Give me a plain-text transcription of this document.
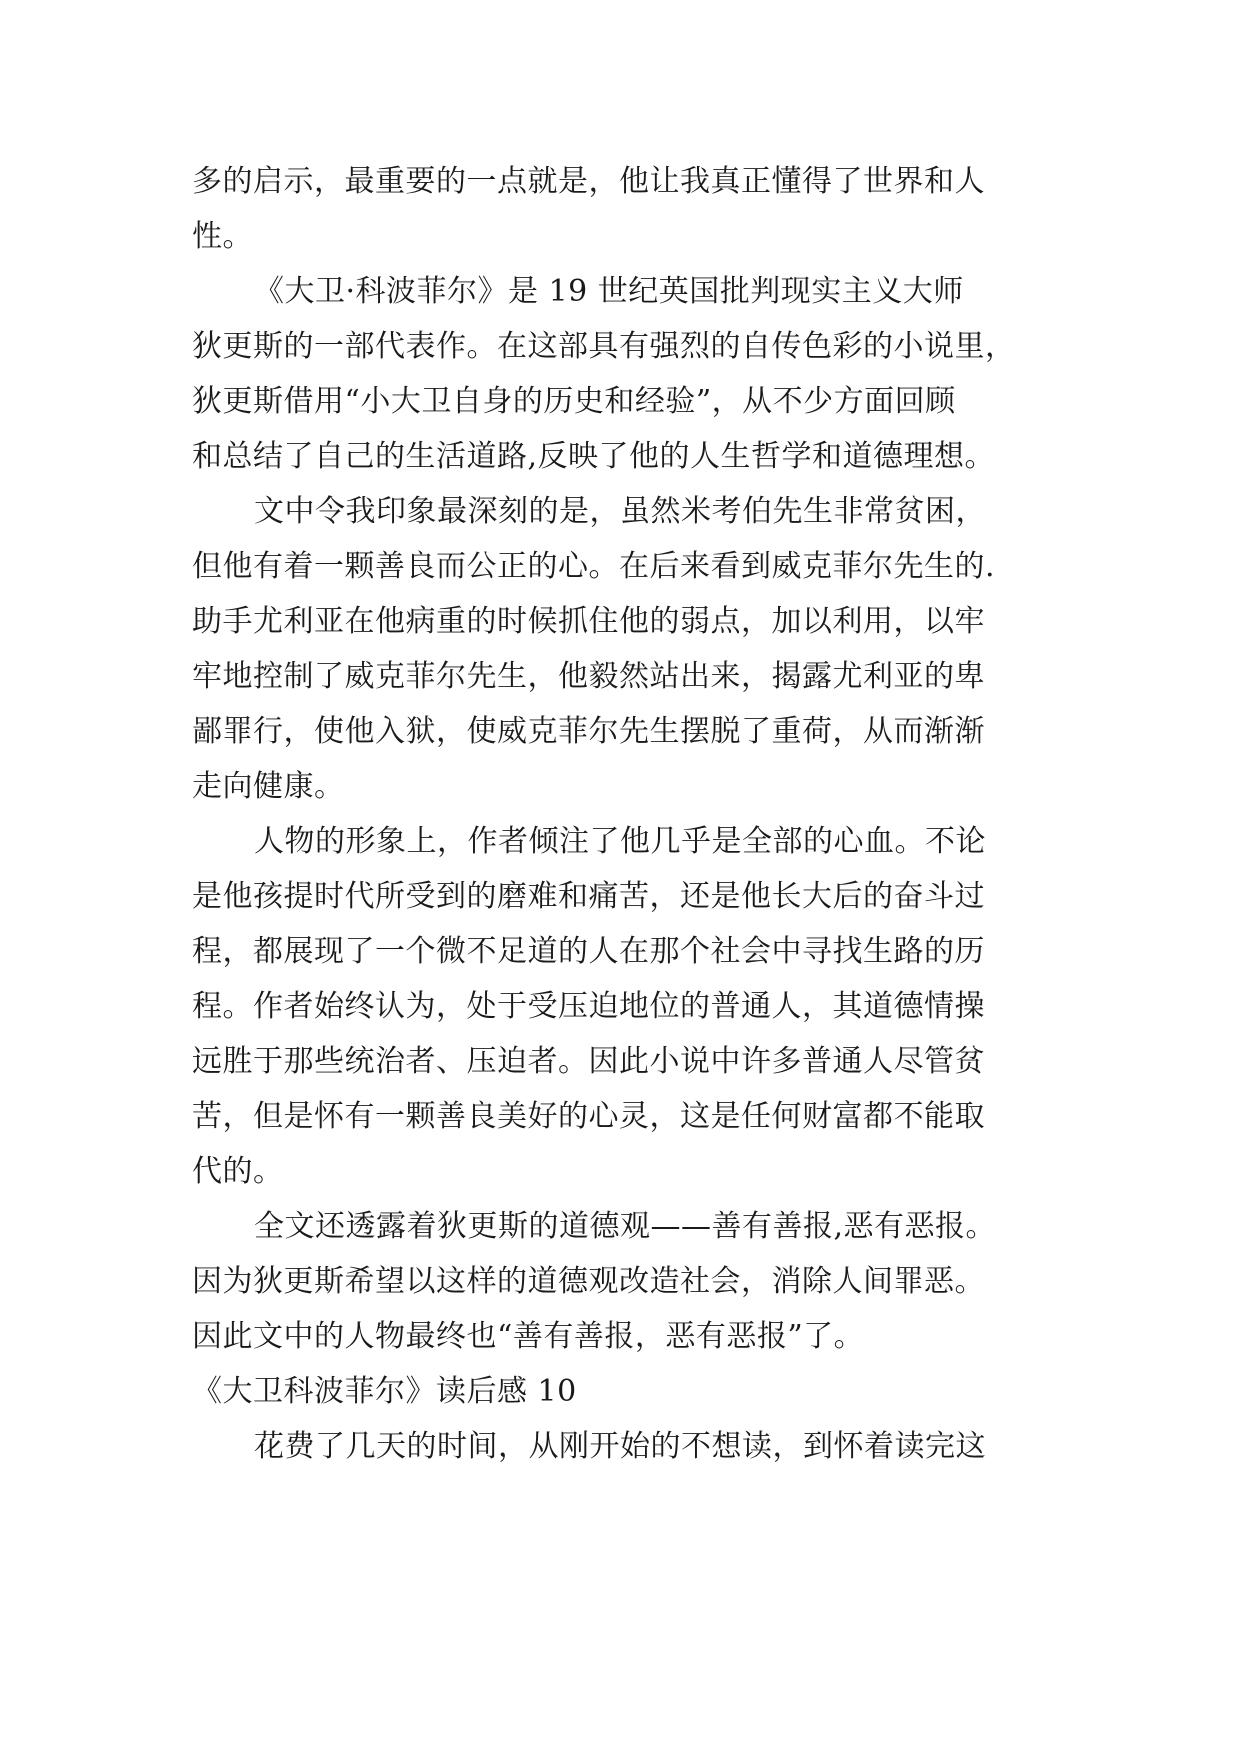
多的启示，最重要的一点就是，他让我真正懂得了世界和人
性。
《大卫·科波菲尔》是 19 世纪英国批判现实主义大师
狄更斯的一部代表作。在这部具有强烈的自传色彩的小说里，
狄更斯借用“小大卫自身的历史和经验”，从不少方面回顾
和总结了自己的生活道路,反映了他的人生哲学和道德理想。
文中令我印象最深刻的是，虽然米考伯先生非常贫困，
但他有着一颗善良而公正的心。在后来看到威克菲尔先生的.
助手尤利亚在他病重的时候抓住他的弱点，加以利用，以牢
牢地控制了威克菲尔先生，他毅然站出来，揭露尤利亚的卑
鄙罪行，使他入狱，使威克菲尔先生摆脱了重荷，从而渐渐
走向健康。
人物的形象上，作者倾注了他几乎是全部的心血。不论
是他孩提时代所受到的磨难和痛苦，还是他长大后的奋斗过
程，都展现了一个微不足道的人在那个社会中寻找生路的历
程。作者始终认为，处于受压迫地位的普通人，其道德情操
远胜于那些统治者、压迫者。因此小说中许多普通人尽管贫
苦，但是怀有一颗善良美好的心灵，这是任何财富都不能取
代的。
全文还透露着狄更斯的道德观——善有善报,恶有恶报。
因为狄更斯希望以这样的道德观改造社会，消除人间罪恶。
因此文中的人物最终也“善有善报，恶有恶报”了。
《大卫科波菲尔》读后感 10
花费了几天的时间，从刚开始的不想读，到怀着读完这
